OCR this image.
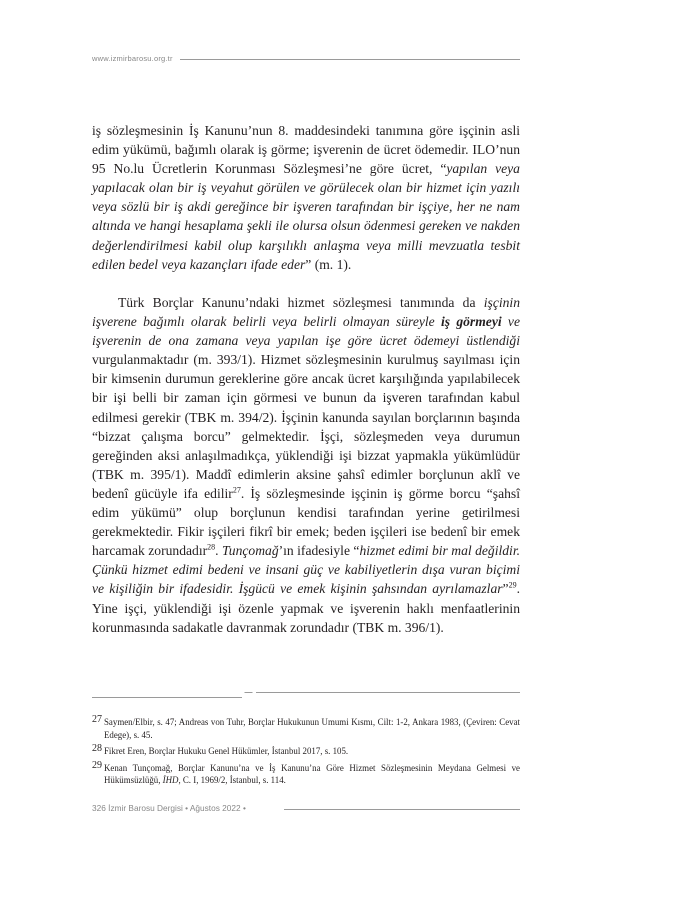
www.izmirbarosu.org.tr

iş sözleşmesinin İş Kanunu’nun 8. maddesindeki tanımına göre işçinin asli edim yükümü, bağımlı olarak iş görme; işverenin de ücret ödemedir. ILO’nun 95 No.lu Ücretlerin Korunması Sözleşmesi’ne göre ücret, “yapılan veya yapılacak olan bir iş veyahut görülen ve görülecek olan bir hizmet için yazılı veya sözlü bir iş akdi gereğince bir işveren tarafından bir işçiye, her ne nam altında ve hangi hesaplama şekli ile olursa olsun ödenmesi gereken ve nakden değerlendirilmesi kabil olup karşılıklı anlaşma veya milli mevzuatla tesbit edilen bedel veya kazançları ifade eder” (m. 1).

Türk Borçlar Kanunu’ndaki hizmet sözleşmesi tanımında da işçinin işverene bağımlı olarak belirli veya belirli olmayan süreyle iş görmeyi ve işverenin de ona zamana veya yapılan işe göre ücret ödemeyi üstlendiği vurgulanmaktadır (m. 393/1). Hizmet sözleşmesinin kurulmuş sayılması için bir kimsenin durumun gereklerine göre ancak ücret karşılığında yapılabilecek bir işi belli bir zaman için görmesi ve bunun da işveren tarafından kabul edilmesi gerekir (TBK m. 394/2). İşçinin kanunda sayılan borçlarının başında “bizzat çalışma borcu” gelmektedir. İşçi, sözleşmeden veya durumun gereğinden aksi anlaşılmadıkça, yüklendiği işi bizzat yapmakla yükümlüdür (TBK m. 395/1). Maddî edimlerin aksine şahsî edimler borçlunun aklî ve bedenî gücüyle ifa edilir$^{27}$. İş sözleşmesinde işçinin iş görme borcu “şahsî edim yükümü” olup borçlunun kendisi tarafından yerine getirilmesi gerekmektedir. Fikir işçileri fikrî bir emek; beden işçileri ise bedenî bir emek harcamak zorundadır$^{28}$. Tunçomağ’ın ifadesiyle “hizmet edimi bir mal değildir. Çünkü hizmet edimi bedeni ve insani güç ve kabiliyetlerin dışa vuran biçimi ve kişiliğin bir ifadesidir. İşgücü ve emek kişinin şahsından ayrılamazlar”$^{29}$. Yine işçi, yüklendiği işi özenle yapmak ve işverenin haklı menfaatlerinin korunmasında sadakatle davranmak zorundadır (TBK m. 396/1).

27 Saymen/Elbir, s. 47; Andreas von Tuhr, Borçlar Hukukunun Umumi Kısmı, Cilt: 1-2, Ankara 1983, (Çeviren: Cevat Edege), s. 45.
28 Fikret Eren, Borçlar Hukuku Genel Hükümler, İstanbul 2017, s. 105.
29 Kenan Tunçomağ, Borçlar Kanunu’na ve İş Kanunu’na Göre Hizmet Sözleşmesinin Meydana Gelmesi ve Hükümsüzlüğü, İHD, C. I, 1969/2, İstanbul, s. 114.
326 İzmir Barosu Dergisi • Ağustos 2022 •
